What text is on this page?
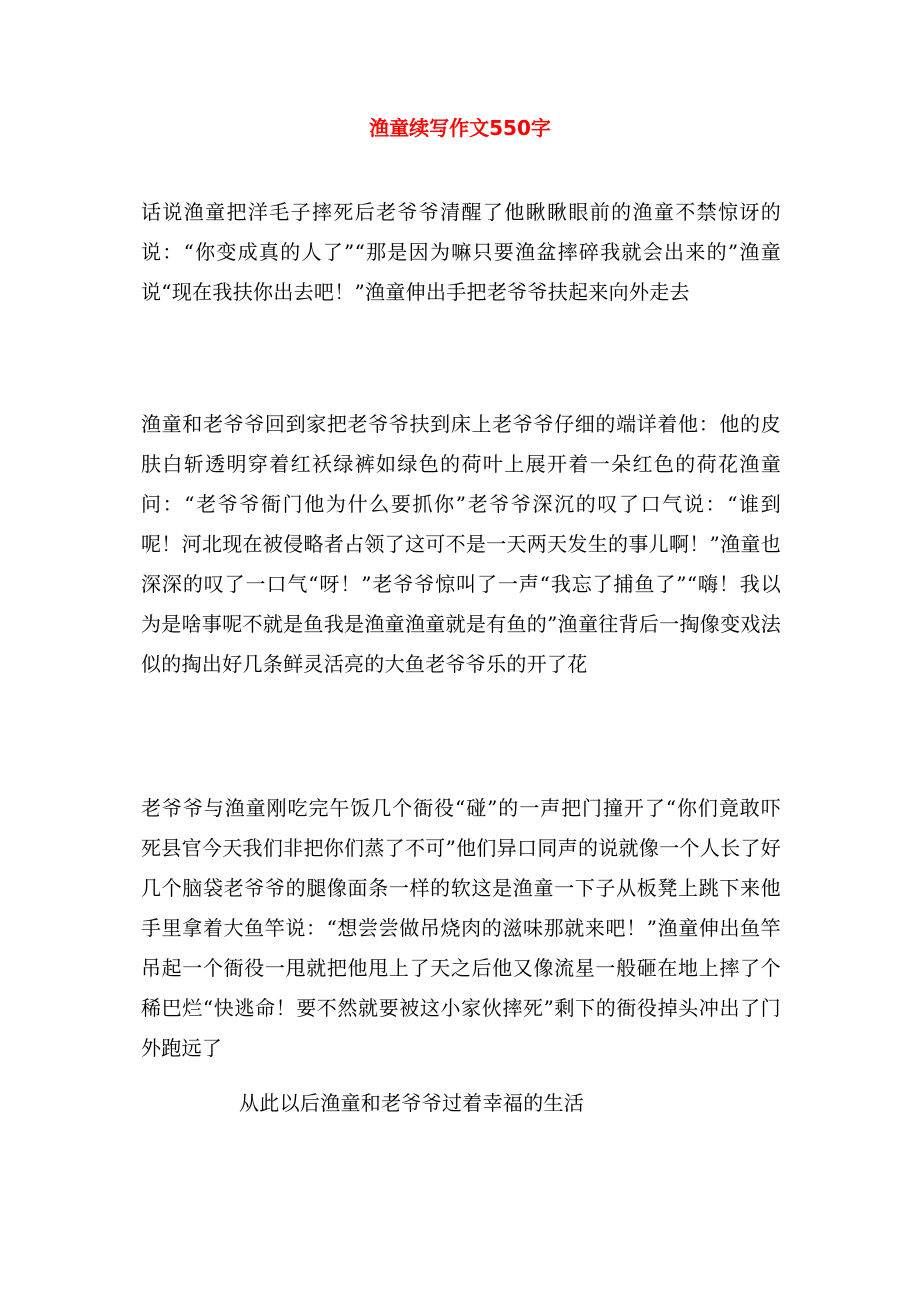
渔童续写作文550字

话说渔童把洋毛子摔死后老爷爷清醒了他瞅瞅眼前的渔童不禁惊讶的说：“你变成真的人了”“那是因为嘛只要渔盆摔碎我就会出来的”渔童说“现在我扶你出去吧！”渔童伸出手把老爷爷扶起来向外走去

渔童和老爷爷回到家把老爷爷扶到床上老爷爷仔细的端详着他：他的皮肤白斩透明穿着红袄绿裤如绿色的荷叶上展开着一朵红色的荷花渔童问：“老爷爷衙门他为什么要抓你”老爷爷深沉的叹了口气说：“谁到呢！河北现在被侵略者占领了这可不是一天两天发生的事儿啊！”渔童也深深的叹了一口气“呀！”老爷爷惊叫了一声“我忘了捕鱼了”“嗨！我以为是啥事呢不就是鱼我是渔童渔童就是有鱼的”渔童往背后一掏像变戏法似的掏出好几条鲜灵活亮的大鱼老爷爷乐的开了花

老爷爷与渔童刚吃完午饭几个衙役“碰”的一声把门撞开了“你们竟敢吓死县官今天我们非把你们蒸了不可”他们异口同声的说就像一个人长了好几个脑袋老爷爷的腿像面条一样的软这是渔童一下子从板凳上跳下来他手里拿着大鱼竿说：“想尝尝做吊烧肉的滋味那就来吧！”渔童伸出鱼竿吊起一个衙役一甩就把他甩上了天之后他又像流星一般砸在地上摔了个稀巴烂“快逃命！要不然就要被这小家伙摔死”剩下的衙役掉头冲出了门外跑远了

从此以后渔童和老爷爷过着幸福的生活
